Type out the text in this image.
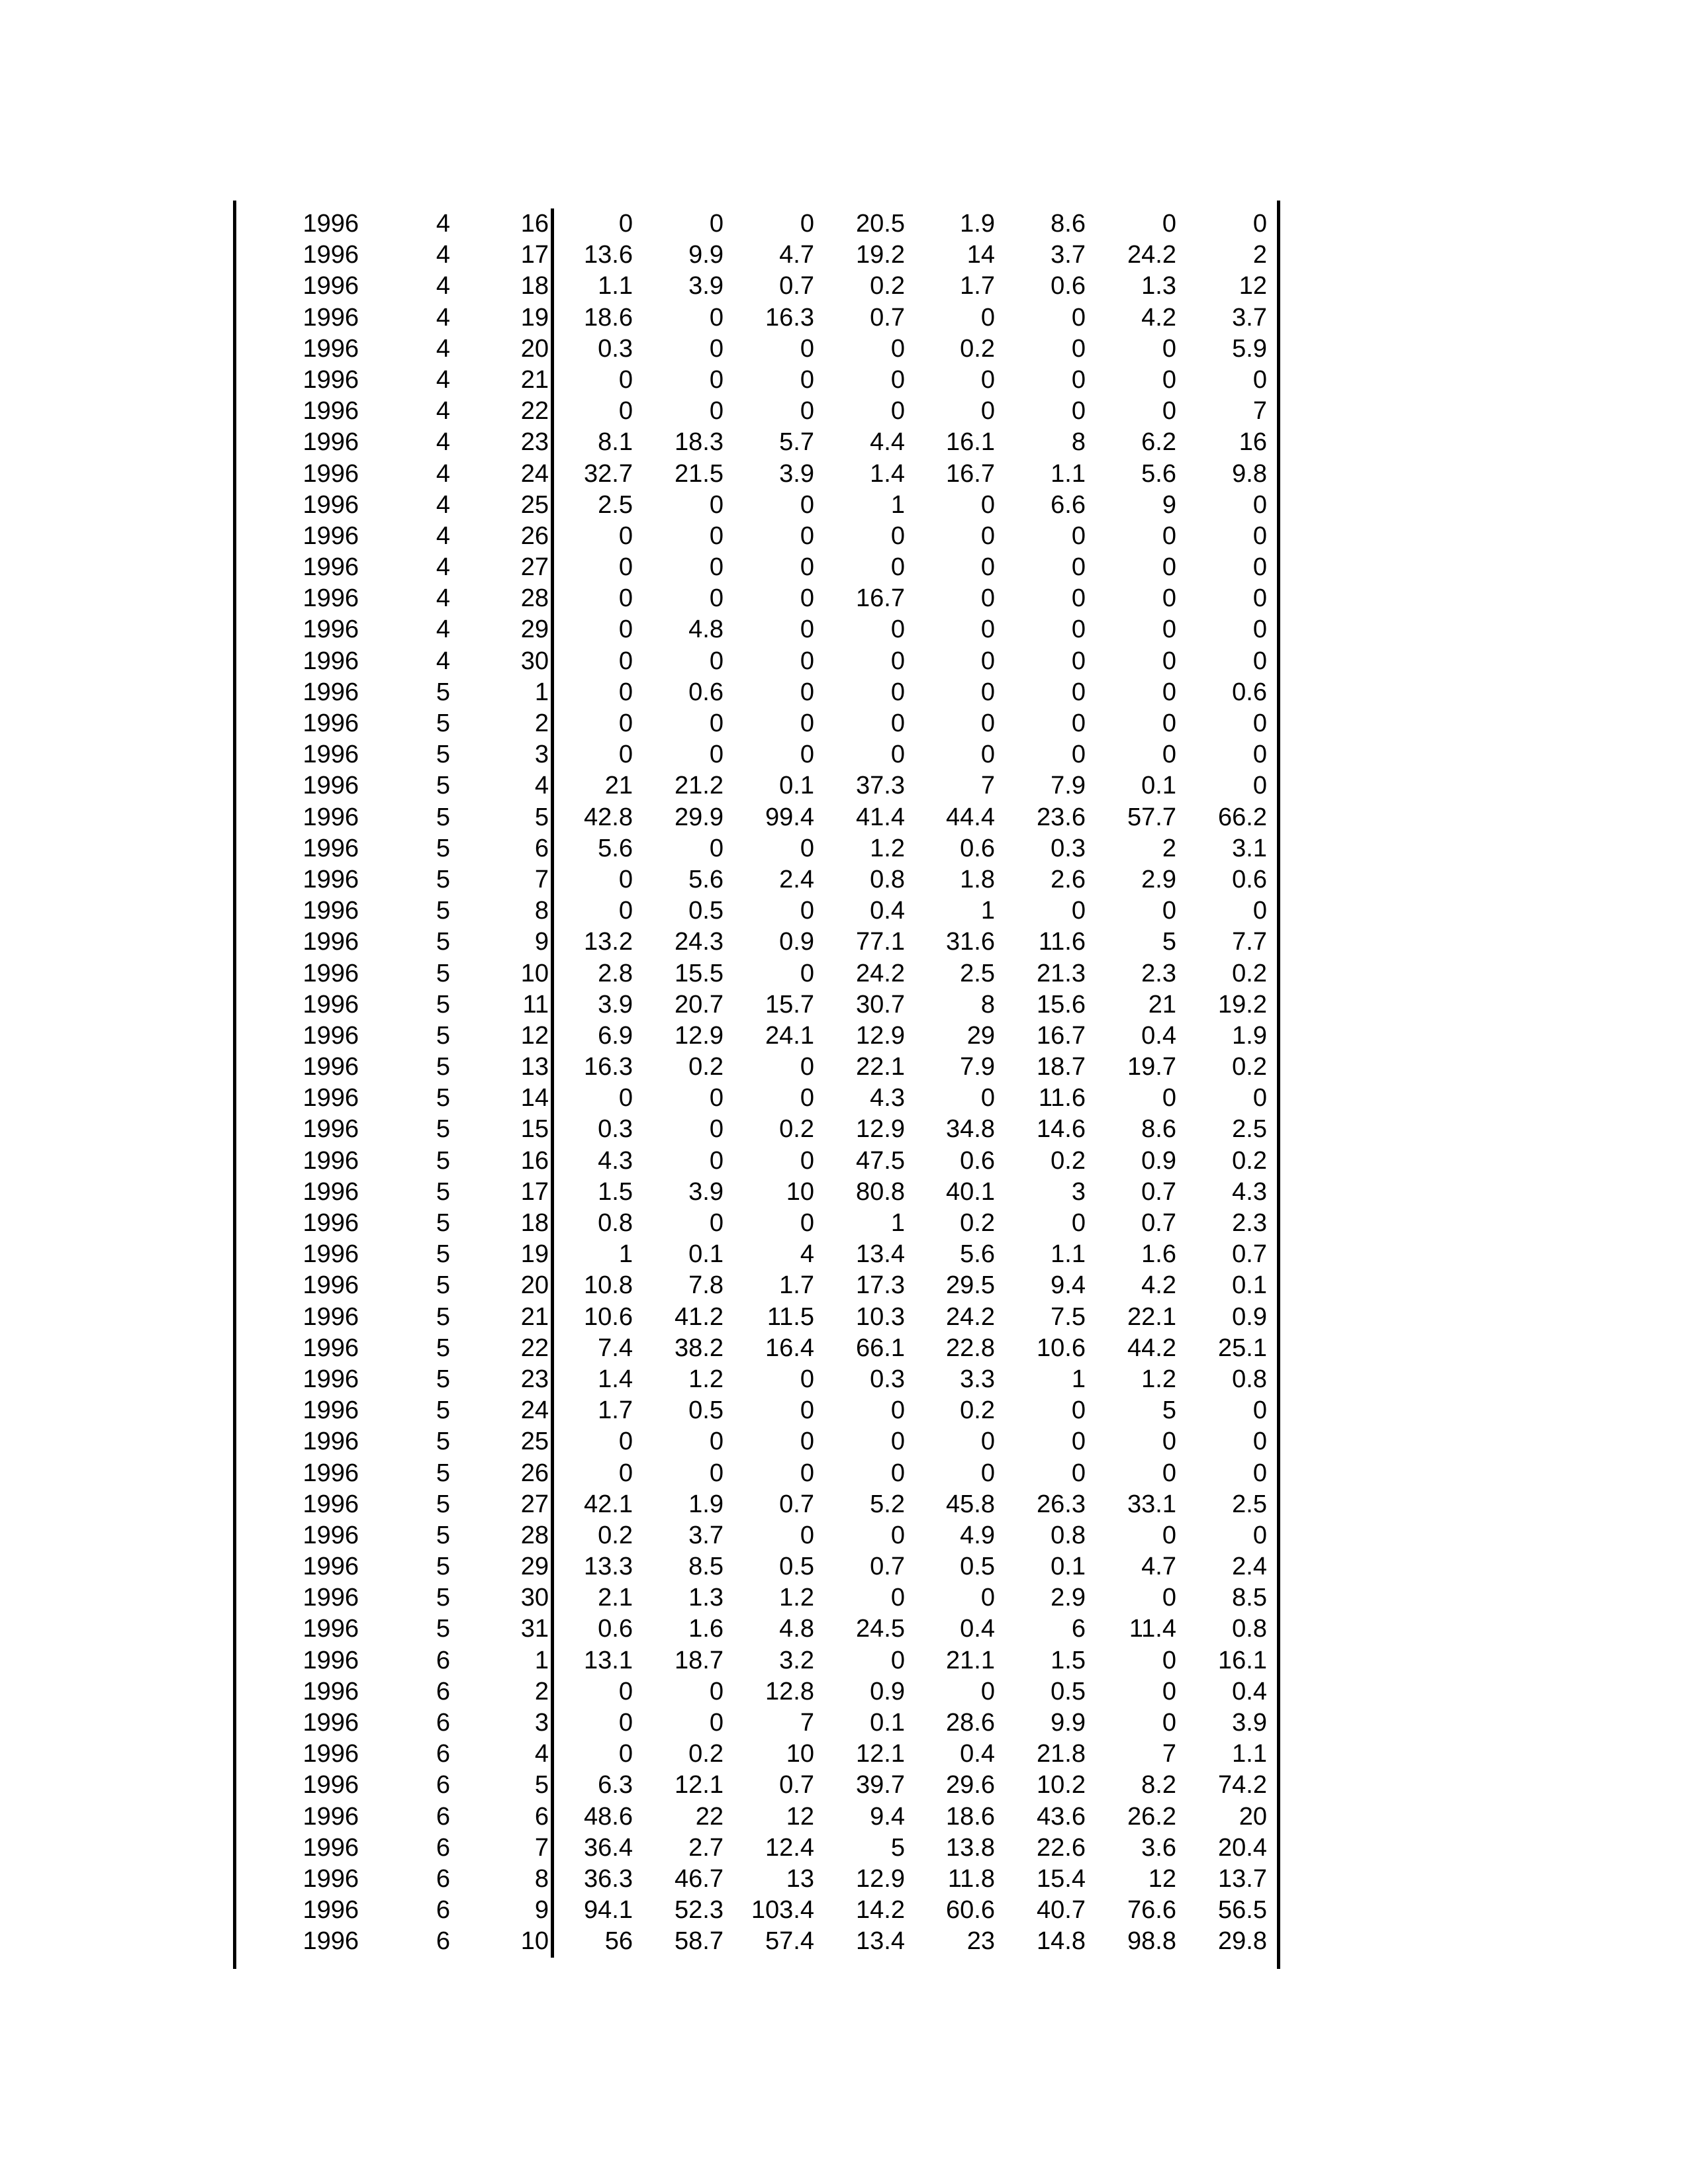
1996	4	16	0	0	0	20.5	1.9	8.6	0	0
1996	4	17	13.6	9.9	4.7	19.2	14	3.7	24.2	2
1996	4	18	1.1	3.9	0.7	0.2	1.7	0.6	1.3	12
1996	4	19	18.6	0	16.3	0.7	0	0	4.2	3.7
1996	4	20	0.3	0	0	0	0.2	0	0	5.9
1996	4	21	0	0	0	0	0	0	0	0
1996	4	22	0	0	0	0	0	0	0	7
1996	4	23	8.1	18.3	5.7	4.4	16.1	8	6.2	16
1996	4	24	32.7	21.5	3.9	1.4	16.7	1.1	5.6	9.8
1996	4	25	2.5	0	0	1	0	6.6	9	0
1996	4	26	0	0	0	0	0	0	0	0
1996	4	27	0	0	0	0	0	0	0	0
1996	4	28	0	0	0	16.7	0	0	0	0
1996	4	29	0	4.8	0	0	0	0	0	0
1996	4	30	0	0	0	0	0	0	0	0
1996	5	1	0	0.6	0	0	0	0	0	0.6
1996	5	2	0	0	0	0	0	0	0	0
1996	5	3	0	0	0	0	0	0	0	0
1996	5	4	21	21.2	0.1	37.3	7	7.9	0.1	0
1996	5	5	42.8	29.9	99.4	41.4	44.4	23.6	57.7	66.2
1996	5	6	5.6	0	0	1.2	0.6	0.3	2	3.1
1996	5	7	0	5.6	2.4	0.8	1.8	2.6	2.9	0.6
1996	5	8	0	0.5	0	0.4	1	0	0	0
1996	5	9	13.2	24.3	0.9	77.1	31.6	11.6	5	7.7
1996	5	10	2.8	15.5	0	24.2	2.5	21.3	2.3	0.2
1996	5	11	3.9	20.7	15.7	30.7	8	15.6	21	19.2
1996	5	12	6.9	12.9	24.1	12.9	29	16.7	0.4	1.9
1996	5	13	16.3	0.2	0	22.1	7.9	18.7	19.7	0.2
1996	5	14	0	0	0	4.3	0	11.6	0	0
1996	5	15	0.3	0	0.2	12.9	34.8	14.6	8.6	2.5
1996	5	16	4.3	0	0	47.5	0.6	0.2	0.9	0.2
1996	5	17	1.5	3.9	10	80.8	40.1	3	0.7	4.3
1996	5	18	0.8	0	0	1	0.2	0	0.7	2.3
1996	5	19	1	0.1	4	13.4	5.6	1.1	1.6	0.7
1996	5	20	10.8	7.8	1.7	17.3	29.5	9.4	4.2	0.1
1996	5	21	10.6	41.2	11.5	10.3	24.2	7.5	22.1	0.9
1996	5	22	7.4	38.2	16.4	66.1	22.8	10.6	44.2	25.1
1996	5	23	1.4	1.2	0	0.3	3.3	1	1.2	0.8
1996	5	24	1.7	0.5	0	0	0.2	0	5	0
1996	5	25	0	0	0	0	0	0	0	0
1996	5	26	0	0	0	0	0	0	0	0
1996	5	27	42.1	1.9	0.7	5.2	45.8	26.3	33.1	2.5
1996	5	28	0.2	3.7	0	0	4.9	0.8	0	0
1996	5	29	13.3	8.5	0.5	0.7	0.5	0.1	4.7	2.4
1996	5	30	2.1	1.3	1.2	0	0	2.9	0	8.5
1996	5	31	0.6	1.6	4.8	24.5	0.4	6	11.4	0.8
1996	6	1	13.1	18.7	3.2	0	21.1	1.5	0	16.1
1996	6	2	0	0	12.8	0.9	0	0.5	0	0.4
1996	6	3	0	0	7	0.1	28.6	9.9	0	3.9
1996	6	4	0	0.2	10	12.1	0.4	21.8	7	1.1
1996	6	5	6.3	12.1	0.7	39.7	29.6	10.2	8.2	74.2
1996	6	6	48.6	22	12	9.4	18.6	43.6	26.2	20
1996	6	7	36.4	2.7	12.4	5	13.8	22.6	3.6	20.4
1996	6	8	36.3	46.7	13	12.9	11.8	15.4	12	13.7
1996	6	9	94.1	52.3	103.4	14.2	60.6	40.7	76.6	56.5
1996	6	10	56	58.7	57.4	13.4	23	14.8	98.8	29.8
